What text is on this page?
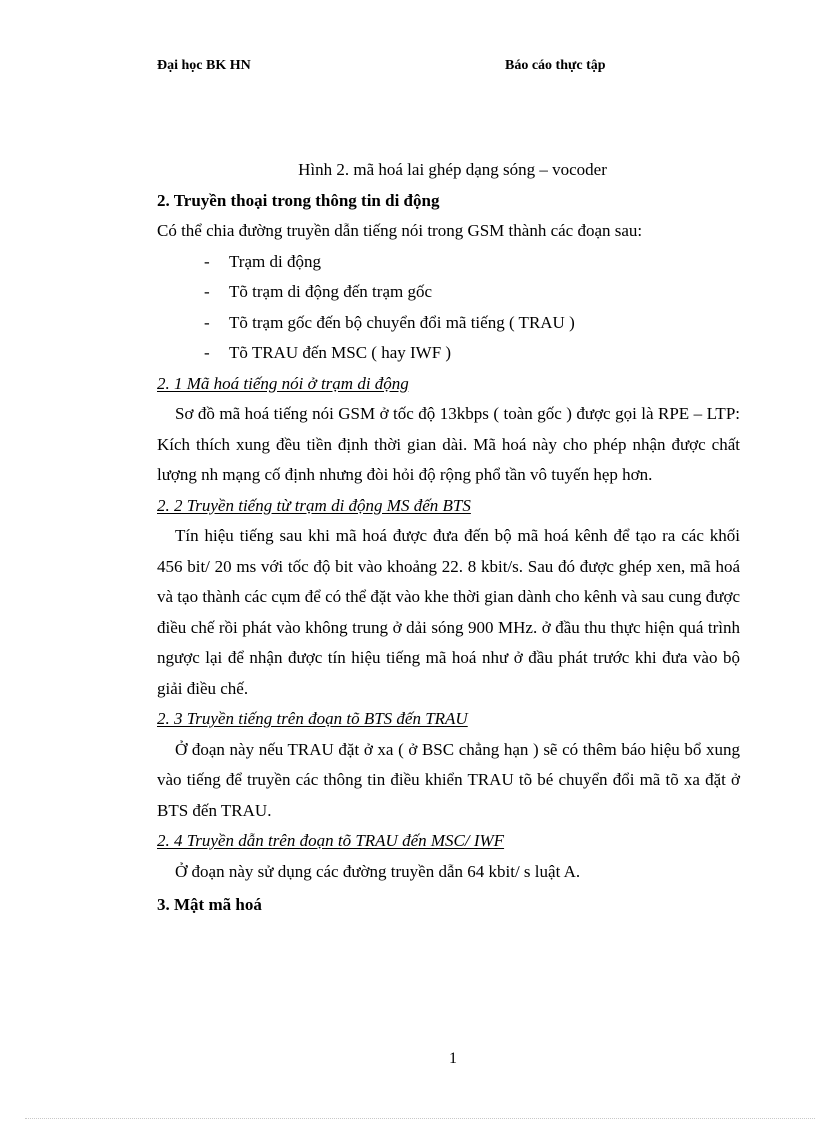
Đại học BK HN	Báo cáo thực tập
Hình 2. mã hoá lai ghép dạng sóng – vocoder
2. Truyền thoại trong thông tin di động

Có thể chia đường truyền dẫn tiếng nói trong GSM thành các đoạn sau:

-	Trạm di động
-	Tõ trạm di động đến trạm gốc
-	Tõ trạm gốc đến bộ chuyển đổi mã tiếng ( TRAU )
-	Tõ TRAU đến MSC ( hay IWF )
2. 1 Mã hoá tiếng nói ở trạm di động

Sơ đồ mã hoá tiếng nói GSM ở tốc độ 13kbps ( toàn gốc ) được gọi là RPE – LTP: Kích thích xung đều tiền định thời gian dài. Mã hoá này cho phép nhận được chất lượng nh mạng cố định nhưng đòi hỏi độ rộng phổ tần vô tuyến hẹp hơn.

2. 2 Truyền tiếng từ trạm di động MS đến BTS

Tín hiệu tiếng sau khi mã hoá được đưa đến bộ mã hoá kênh để tạo ra các khối 456 bit/ 20 ms với tốc độ bit vào khoảng 22. 8 kbit/s. Sau đó được ghép xen, mã hoá và tạo thành các cụm để có thể đặt vào khe thời gian dành cho kênh và sau cung được điều chế rồi phát vào không trung ở dải sóng 900 MHz. ở đầu thu thực hiện quá trình ngược lại để nhận được tín hiệu tiếng mã hoá như ở đầu phát trước khi đưa vào bộ giải điều chế.

2. 3 Truyền tiếng trên đoạn tõ BTS đến TRAU

Ở đoạn này nếu TRAU đặt ở xa ( ở BSC chẳng hạn ) sẽ có thêm báo hiệu bổ xung vào tiếng để truyền các thông tin điều khiển TRAU tõ bé chuyển đổi mã tõ xa đặt ở BTS đến TRAU.

2. 4 Truyền dẫn trên đoạn tõ TRAU đến MSC/ IWF

Ở đoạn này sử dụng các đường truyền dẫn 64 kbit/ s luật A.

3. Mật mã hoá
1
